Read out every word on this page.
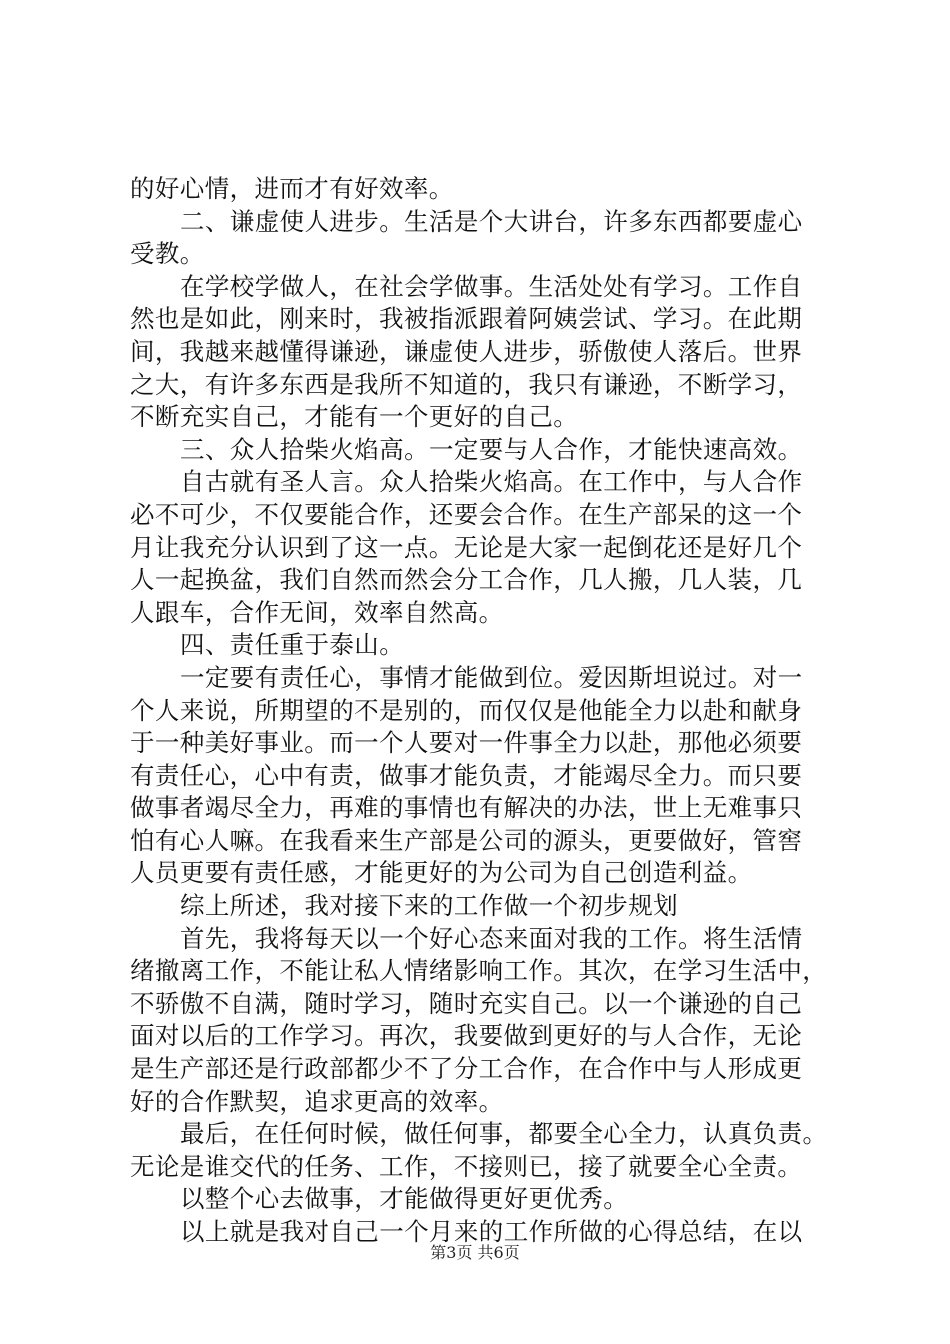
的好心情，进而才有好效率。
二、谦虚使人进步。生活是个大讲台，许多东西都要虚心
受教。
在学校学做人，在社会学做事。生活处处有学习。工作自
然也是如此，刚来时，我被指派跟着阿姨尝试、学习。在此期
间，我越来越懂得谦逊，谦虚使人进步，骄傲使人落后。世界
之大，有许多东西是我所不知道的，我只有谦逊，不断学习，
不断充实自己，才能有一个更好的自己。
三、众人拾柴火焰高。一定要与人合作，才能快速高效。
自古就有圣人言。众人拾柴火焰高。在工作中，与人合作
必不可少，不仅要能合作，还要会合作。在生产部呆的这一个
月让我充分认识到了这一点。无论是大家一起倒花还是好几个
人一起换盆，我们自然而然会分工合作，几人搬，几人装，几
人跟车，合作无间，效率自然高。
四、责任重于泰山。
一定要有责任心，事情才能做到位。爱因斯坦说过。对一
个人来说，所期望的不是别的，而仅仅是他能全力以赴和献身
于一种美好事业。而一个人要对一件事全力以赴，那他必须要
有责任心，心中有责，做事才能负责，才能竭尽全力。而只要
做事者竭尽全力，再难的事情也有解决的办法，世上无难事只
怕有心人嘛。在我看来生产部是公司的源头，更要做好，管窖
人员更要有责任感，才能更好的为公司为自己创造利益。
综上所述，我对接下来的工作做一个初步规划
首先，我将每天以一个好心态来面对我的工作。将生活情
绪撤离工作，不能让私人情绪影响工作。其次，在学习生活中，
不骄傲不自满，随时学习，随时充实自己。以一个谦逊的自己
面对以后的工作学习。再次，我要做到更好的与人合作，无论
是生产部还是行政部都少不了分工合作，在合作中与人形成更
好的合作默契，追求更高的效率。
最后，在任何时候，做任何事，都要全心全力，认真负责。
无论是谁交代的任务、工作，不接则已，接了就要全心全责。
以整个心去做事，才能做得更好更优秀。
以上就是我对自己一个月来的工作所做的心得总结，在以
第3页 共6页
